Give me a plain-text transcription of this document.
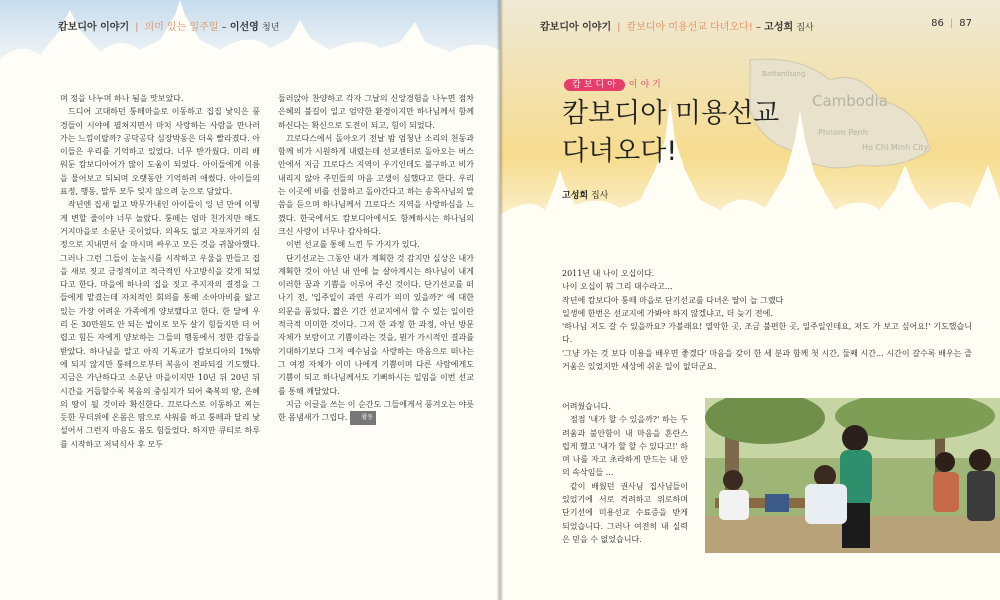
캄보디아 이야기 | 의미 있는 일주일 – 이선영 청년

며 정을 나누며 하나 됨을 맛보았다.

드디어 고대하던 퉁떼마을로 이동하고 집집 낯익은 풍경들이 시야에 펼쳐지면서 마치 사랑하는 사람을 만나러가는 느낌이랄까? 공닥공닥 심장박동은 더욱 빨라졌다. 아이들은 우리를 기억하고 있었다. 너무 반가웠다. 미리 배워둔 캄보디아어가 많이 도움이 되었다. 아이들에게 이름을 물어보고 되뇌며 오랫동안 기억하려 애썼다. 아이들의 표정, 행동, 말투 모두 잊지 않으려 눈으로 담았다.

작년엔 집새 없고 박무가내인 아이들이 잉 넌 만에 이렇게 변할 줄이야 너무 놀랐다. 퉁떼는 엄마 친가지만 해도 거지마을로 소문난 곳이었다. 의욕도 없고 자포자기의 심정으로 지내면서 술 마시며 싸우고 모든 것을 귀찮아했다. 그러나 그런 그들이 눈높시를 시작하고 우물을 만들고 집을 새로 짓고 긍정적이고 적극적인 사고방식을 갖게 되었다고 한다. 마을에 하나의 집을 짓고 주지자의 결정을 그들에게 맡겼는데 자치적인 회의를 통해 소아마비를 앓고 있는 가장 어려운 가족에게 양보했다고 한다. 한 달에 우리 돈 30만원도 안 되는 밥이로 모두 살기 힘들지만 더 어렵고 힘든 자에게 양보하는 그들의 행동에서 정한 감동을 받았다. 하나님을 알고 아직 기독교가 캄보디아의 1%밖에 되지 않지만 퉁떼으로부터 복음이 전파되길 기도했다. 지금은 가난하다고 소문난 마을이지만 10년 뒤 20년 뒤 시간을 거듭할수록 복음의 중심지가 되어 축복의 땅, 은혜의 땅이 될 것이라 확신한다. 끄로다스로 이동하고 찌는 듯한 무더위에 온몸은 땀으로 샤워를 하고 퉁떼과 달리 낯설어서 그런지 마음도 몸도 힘들었다. 하지만 큐티로 하루를 시작하고 저녁식사 후 모두

둘러앉아 찬양하고 각자 그날의 신앙경험을 나누면 점차 은혜의 불길이 일고 엄약한 환경이지만 하나님께서 함께하신다는 확신으로 도전이 되고, 힘이 되었다.

끄로다스에서 돌아오기 전날 밤 엄청난 소리의 천둥과 함께 비가 시원하게 내렸는데 선교센터로 돌아오는 버스 안에서 지금 끄로다스 지역이 우기인데도 불구하고 비가 내리지 않아 주민들의 마음 고생이 심했다고 한다. 우리는 이곳에 비를 선물하고 돌아간다고 하는 송목사님의 말씀을 듣으며 하나님께서 끄로다스 지역을 사랑하심을 느꼈다. 한국에서도 캄보디아에서도 함께하시는 하나님의 크신 사랑이 너무나 감사하다.

이번 선교를 통해 느낀 두 가지가 있다.

단기선교는 그동안 내가 계획한 것 감지만 실상은 내가 계획한 것이 아닌 내 안에 늘 살아계시는 하나님이 내게 이러한 꿈과 기쁨을 이루어 주신 것이다. 단기선교를 떠나기 전, '입주일이 과연 우리가 의미 있을까?' 에 대한 의문을 품었다. 짧은 기간 선교지에서 할 수 있는 일이란 적극적 미미한 것이다. 그저 한 과정 한 과정, 아닌 방문 자체가 보람이고 기쁨이라는 것을, 뭔가 가시적인 결과를 기대하기보다 그저 예수님을 사랑하는 마음으로 떠나는 그 여정 자체가 이미 나에게 기쁨이며 다른 사람에게도 기쁨이 되고 하나님께서도 기뻐하시는 일임을 이번 선교를 통해 깨달았다.

지금 이글을 쓰는 이 순간도 그들에게서 풍겨오는 야릇한 몸냄새가 그립다. 활동

Cambodia
Phnom Penh
Ho Chi Minh City
Battambang
캄보디아 이야기 | 캄보디아 미용선교 다녀오다! – 고성희 집사	86 | 87
캄보디아 이야기
캄보디아 미용선교
다녀오다!
고성희 집사

2011년 내 나이 오십이다.

나이 오십이 뭐 그리 대수라고...

작년에 캄보디아 퉁떼 마을로 단기선교를 다녀온 딸이 늘 그랬다

일생에 한번은 선교지에 가봐야 하지 않겠냐고, 더 늦기 전에.

'하나님 저도 갈 수 있을까요? 가볼래요! 열악한 곳, 조금 불편한 곳, 일주일인데요, 저도 가 보고 싶어요!' 기도했습니다.

'그냥 가는 것 보다 미용을 배우면 좋겠다' 마음을 갖이 한 세 분과 함께 첫 시간, 둘째 시간... 시간이 갈수록 배우는 즐거움은 있었지만 세상에 쉬운 일이 없더군요.

어려웠습니다.

점점 '내가 할 수 있을까?' 하는 두려움과 불안함이 내 마음을 흔란스럽게 했고 '내가 할 할 수 있다고!' 하며 나를 자고 초라하게 만드는 내 안의 속삭임들 ...

같이 배웠던 권사님 집사님들이 있었기에 서로 격려하고 위로하며 단기선에 미용선교 수료증을 받게 되었습니다. 그러나 여전히 내 실력은 믿을 수 없었습니다.
